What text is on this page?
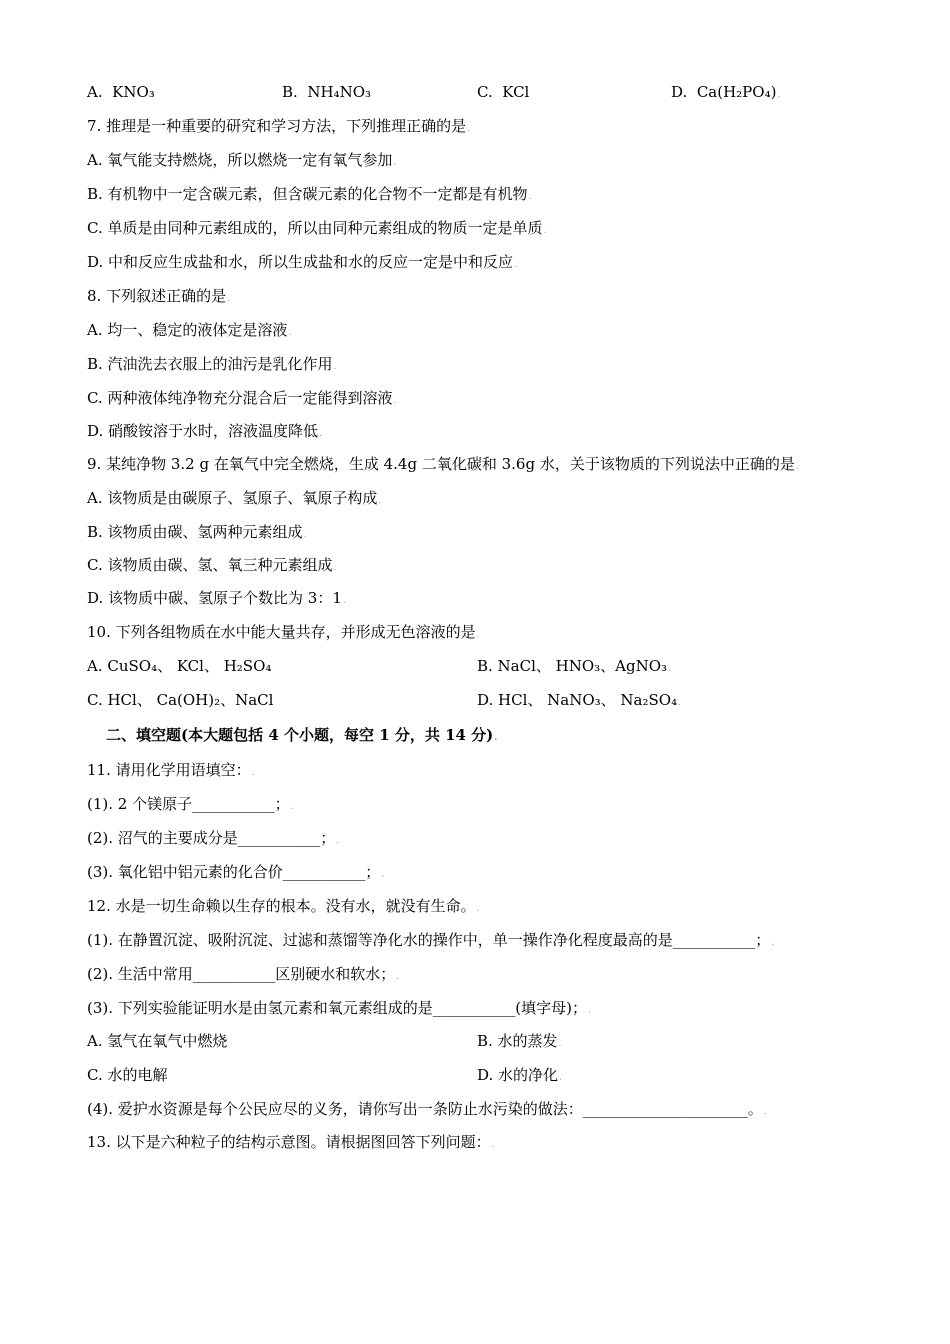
A. KNO₃	B. NH₄NO₃	C. KCl	D. Ca(H₂PO₄).
7. 推理是一种重要的研究和学习方法，下列推理正确的是.
A. 氧气能支持燃烧，所以燃烧一定有氧气参加.
B. 有机物中一定含碳元素，但含碳元素的化合物不一定都是有机物.
C. 单质是由同种元素组成的，所以由同种元素组成的物质一定是单质.
D. 中和反应生成盐和水，所以生成盐和水的反应一定是中和反应.
8. 下列叙述正确的是.
A. 均一、稳定的液体定是溶液.
B. 汽油洗去衣服上的油污是乳化作用.
C. 两种液体纯净物充分混合后一定能得到溶液.
D. 硝酸铵溶于水时，溶液温度降低.
9. 某纯净物 3.2 g 在氧气中完全燃烧，生成 4.4g 二氧化碳和 3.6g 水，关于该物质的下列说法中正确的是.
A. 该物质是由碳原子、氢原子、氧原子构成.
B. 该物质由碳、氢两种元素组成.
C. 该物质由碳、氢、氧三种元素组成.
D. 该物质中碳、氢原子个数比为 3：1.
10. 下列各组物质在水中能大量共存，并形成无色溶液的是.
A. CuSO₄、 KCl、 H₂SO₄	B. NaCl、 HNO₃、AgNO₃.
C. HCl、 Ca(OH)₂、NaCl	D. HCl、 NaNO₃、 Na₂SO₄.
二、填空题(本大题包括 4 个小题，每空 1 分，共 14 分).
11. 请用化学用语填空：.
(1). 2 个镁原子___________；.
(2). 沼气的主要成分是___________；.
(3). 氧化铝中铝元素的化合价___________；.
12. 水是一切生命赖以生存的根本。没有水，就没有生命。.
(1). 在静置沉淀、吸附沉淀、过滤和蒸馏等净化水的操作中，单一操作净化程度最高的是___________；.
(2). 生活中常用___________区别硬水和软水；.
(3). 下列实验能证明水是由氢元素和氧元素组成的是___________(填字母)；.
A. 氢气在氧气中燃烧	B. 水的蒸发.
C. 水的电解	D. 水的净化.
(4). 爱护水资源是每个公民应尽的义务，请你写出一条防止水污染的做法：______________________。.
13. 以下是六种粒子的结构示意图。请根据图回答下列问题：.
